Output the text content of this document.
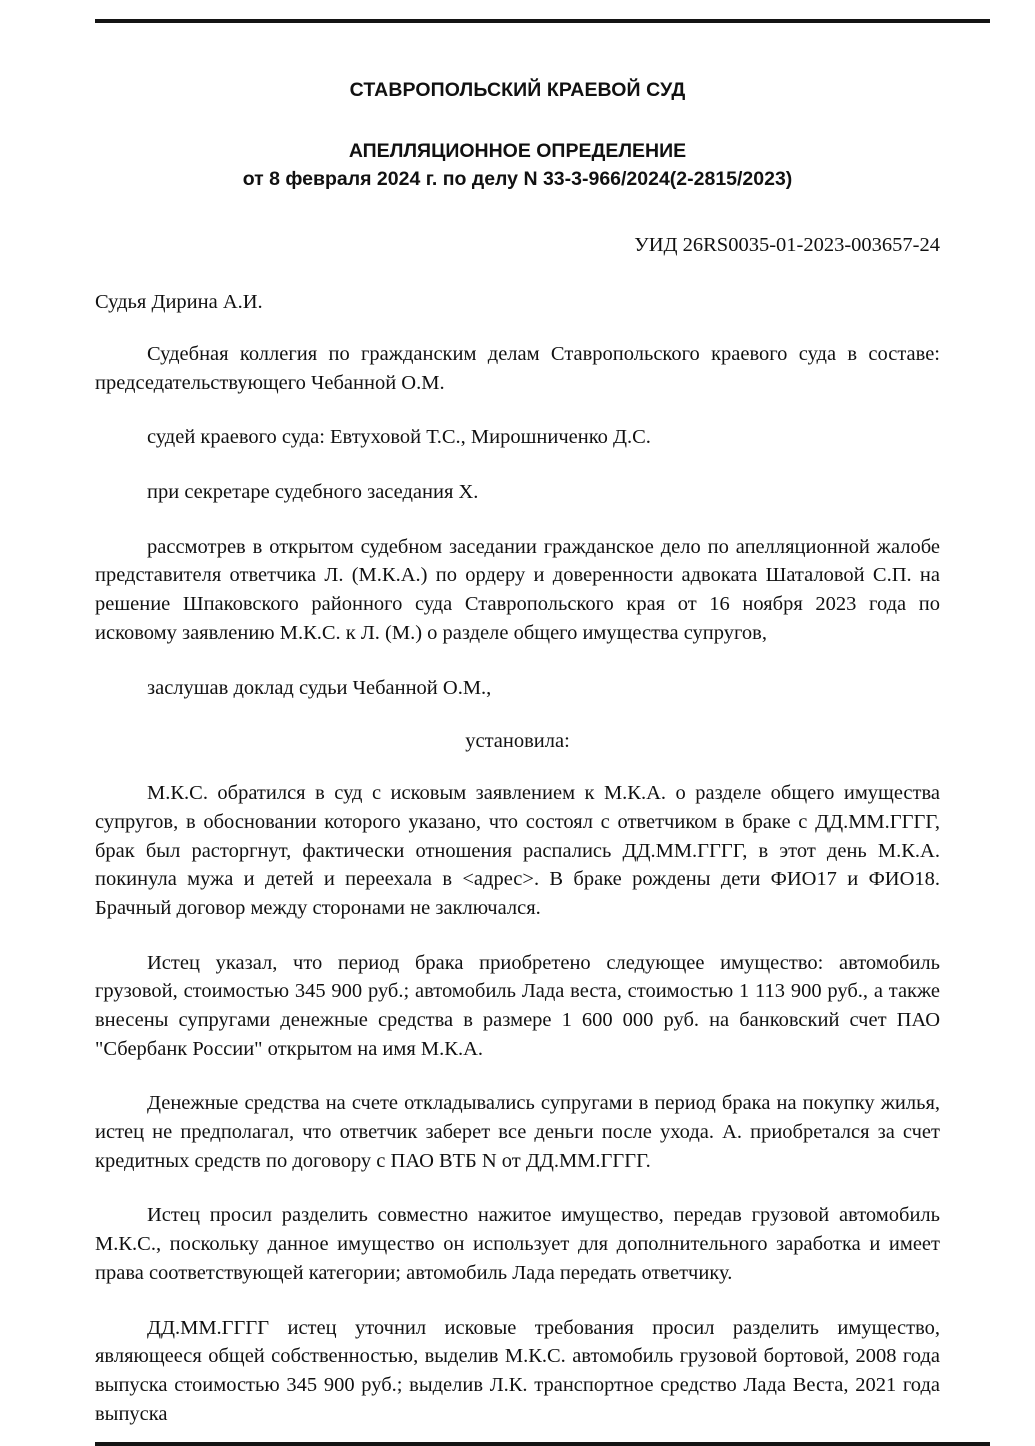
СТАВРОПОЛЬСКИЙ КРАЕВОЙ СУД
АПЕЛЛЯЦИОННОЕ ОПРЕДЕЛЕНИЕ
от 8 февраля 2024 г. по делу N 33-3-966/2024(2-2815/2023)
УИД 26RS0035-01-2023-003657-24
Судья Дирина А.И.

Судебная коллегия по гражданским делам Ставропольского краевого суда в составе: председательствующего Чебанной О.М.

судей краевого суда: Евтуховой Т.С., Мирошниченко Д.С.

при секретаре судебного заседания Х.

рассмотрев в открытом судебном заседании гражданское дело по апелляционной жалобе представителя ответчика Л. (М.К.А.) по ордеру и доверенности адвоката Шаталовой С.П. на решение Шпаковского районного суда Ставропольского края от 16 ноября 2023 года по исковому заявлению М.К.С. к Л. (М.) о разделе общего имущества супругов,

заслушав доклад судьи Чебанной О.М.,

установила:

М.К.С. обратился в суд с исковым заявлением к М.К.А. о разделе общего имущества супругов, в обосновании которого указано, что состоял с ответчиком в браке с ДД.ММ.ГГГГ, брак был расторгнут, фактически отношения распались ДД.ММ.ГГГГ, в этот день М.К.А. покинула мужа и детей и переехала в <адрес>. В браке рождены дети ФИО17 и ФИО18. Брачный договор между сторонами не заключался.

Истец указал, что период брака приобретено следующее имущество: автомобиль грузовой, стоимостью 345 900 руб.; автомобиль Лада веста, стоимостью 1 113 900 руб., а также внесены супругами денежные средства в размере 1 600 000 руб. на банковский счет ПАО "Сбербанк России" открытом на имя М.К.А.

Денежные средства на счете откладывались супругами в период брака на покупку жилья, истец не предполагал, что ответчик заберет все деньги после ухода. А. приобретался за счет кредитных средств по договору с ПАО ВТБ N от ДД.ММ.ГГГГ.

Истец просил разделить совместно нажитое имущество, передав грузовой автомобиль М.К.С., поскольку данное имущество он использует для дополнительного заработка и имеет права соответствующей категории; автомобиль Лада передать ответчику.

ДД.ММ.ГГГГ истец уточнил исковые требования просил разделить имущество, являющееся общей собственностью, выделив М.К.С. автомобиль грузовой бортовой, 2008 года выпуска стоимостью 345 900 руб.; выделив Л.К. транспортное средство Лада Веста, 2021 года выпуска
